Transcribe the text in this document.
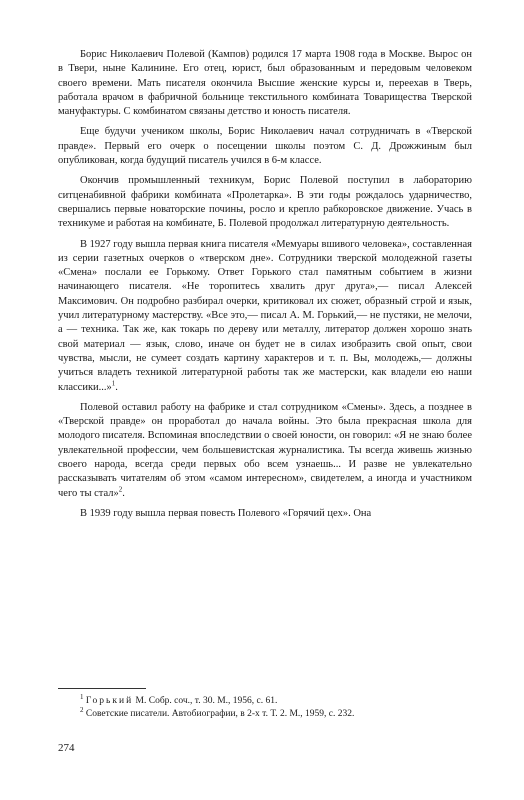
Борис Николаевич Полевой (Кампов) родился 17 марта 1908 года в Москве. Вырос он в Твери, ныне Калинине. Его отец, юрист, был образованным и передовым человеком своего времени. Мать писателя окончила Высшие женские курсы и, переехав в Тверь, работала врачом в фабричной больнице текстильного комбината Товарищества Тверской мануфактуры. С комбинатом связаны детство и юность писателя.

Еще будучи учеником школы, Борис Николаевич начал сотрудничать в «Тверской правде». Первый его очерк о посещении школы поэтом С. Д. Дрожжиным был опубликован, когда будущий писатель учился в 6-м классе.

Окончив промышленный техникум, Борис Полевой поступил в лабораторию ситценабивной фабрики комбината «Пролетарка». В эти годы рождалось ударничество, свершались первые новаторские почины, росло и крепло рабкоровское движение. Учась в техникуме и работая на комбинате, Б. Полевой продолжал литературную деятельность.

В 1927 году вышла первая книга писателя «Мемуары вшивого человека», составленная из серии газетных очерков о «тверском дне». Сотрудники тверской молодежной газеты «Смена» послали ее Горькому. Ответ Горького стал памятным событием в жизни начинающего писателя. «Не торопитесь хвалить друг друга»,— писал Алексей Максимович. Он подробно разбирал очерки, критиковал их сюжет, образный строй и язык, учил литературному мастерству. «Все это,— писал А. М. Горький,— не пустяки, не мелочи, а — техника. Так же, как токарь по дереву или металлу, литератор должен хорошо знать свой материал — язык, слово, иначе он будет не в силах изобразить свой опыт, свои чувства, мысли, не сумеет создать картину характеров и т. п. Вы, молодежь,— должны учиться владеть техникой литературной работы так же мастерски, как владели ею наши классики...»$^1$.

Полевой оставил работу на фабрике и стал сотрудником «Смены». Здесь, а позднее в «Тверской правде» он проработал до начала войны. Это была прекрасная школа для молодого писателя. Вспоминая впоследствии о своей юности, он говорил: «Я не знаю более увлекательной профессии, чем большевистская журналистика. Ты всегда живешь жизнью своего народа, всегда среди первых обо всем узнаешь... И разве не увлекательно рассказывать читателям об этом «самом интересном», свидетелем, а иногда и участником чего ты стал»$^2$.

В 1939 году вышла первая повесть Полевого «Горячий цех». Она

$^1$ Горький М. Собр. соч., т. 30. М., 1956, с. 61.

$^2$ Советские писатели. Автобиографии, в 2-х т. Т. 2. М., 1959, с. 232.

274
